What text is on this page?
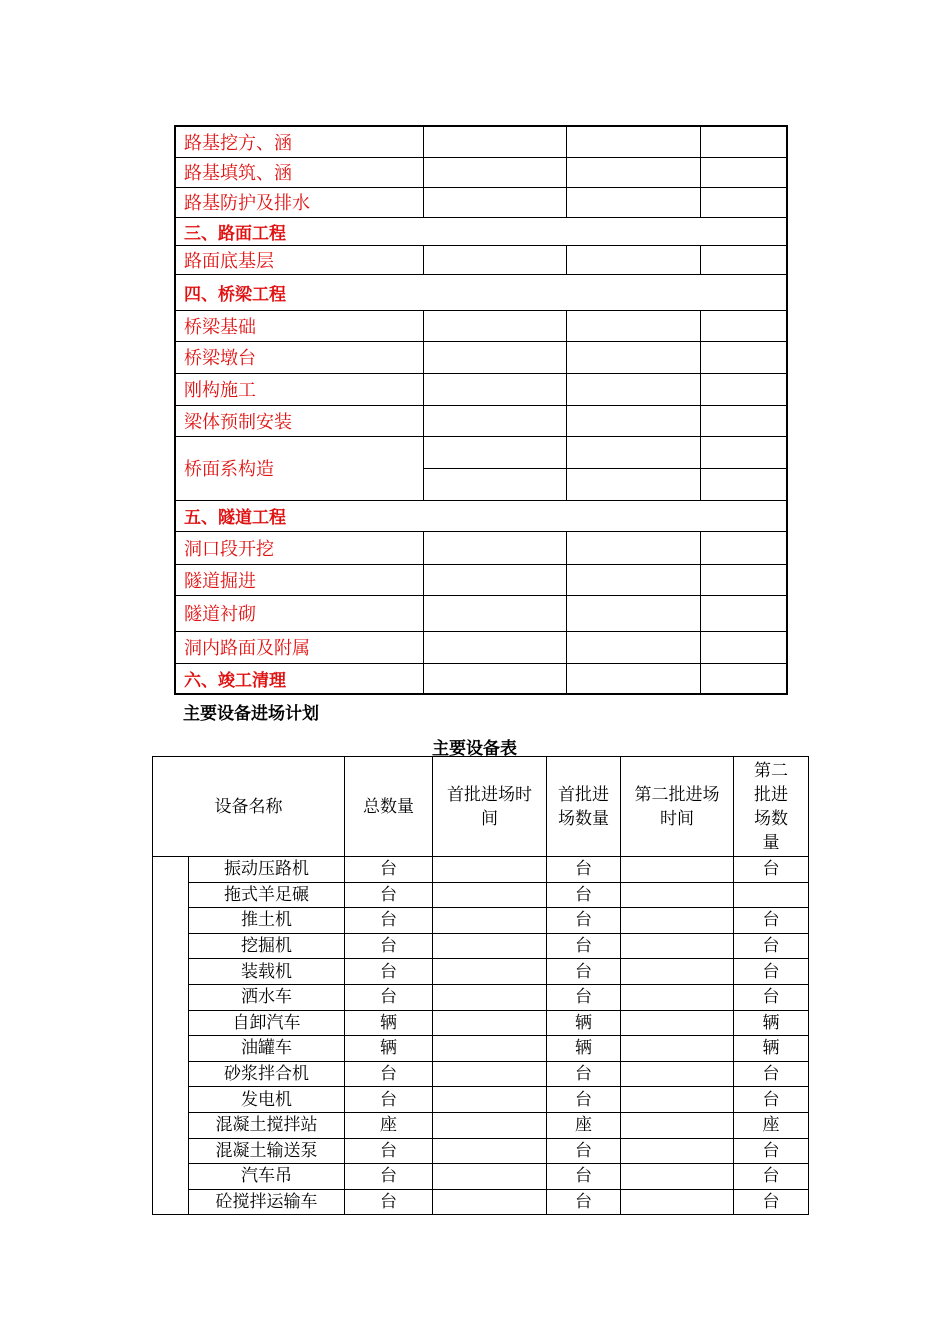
路基挖方、涵			
路基填筑、涵			
路基防护及排水			
三、路面工程			
路面底基层			
四、桥梁工程			
桥梁基础			
桥梁墩台			
刚构施工			
梁体预制安装			
桥面系构造			

五、隧道工程			
洞口段开挖			
隧道掘进			
隧道衬砌			
洞内路面及附属			
六、竣工清理			
主要设备进场计划
主要设备表
设备名称		总数量	首批进场时间	首批进场数量	第二批进场时间	第二批进场数量
	振动压路机	台		台		台
	拖式羊足碾	台		台		
	推土机	台		台		台
	挖掘机	台		台		台
	装载机	台		台		台
	洒水车	台		台		台
	自卸汽车	辆		辆		辆
	油罐车	辆		辆		辆
	砂浆拌合机	台		台		台
	发电机	台		台		台
	混凝土搅拌站	座		座		座
	混凝土输送泵	台		台		台
	汽车吊	台		台		台
	砼搅拌运输车	台		台		台
